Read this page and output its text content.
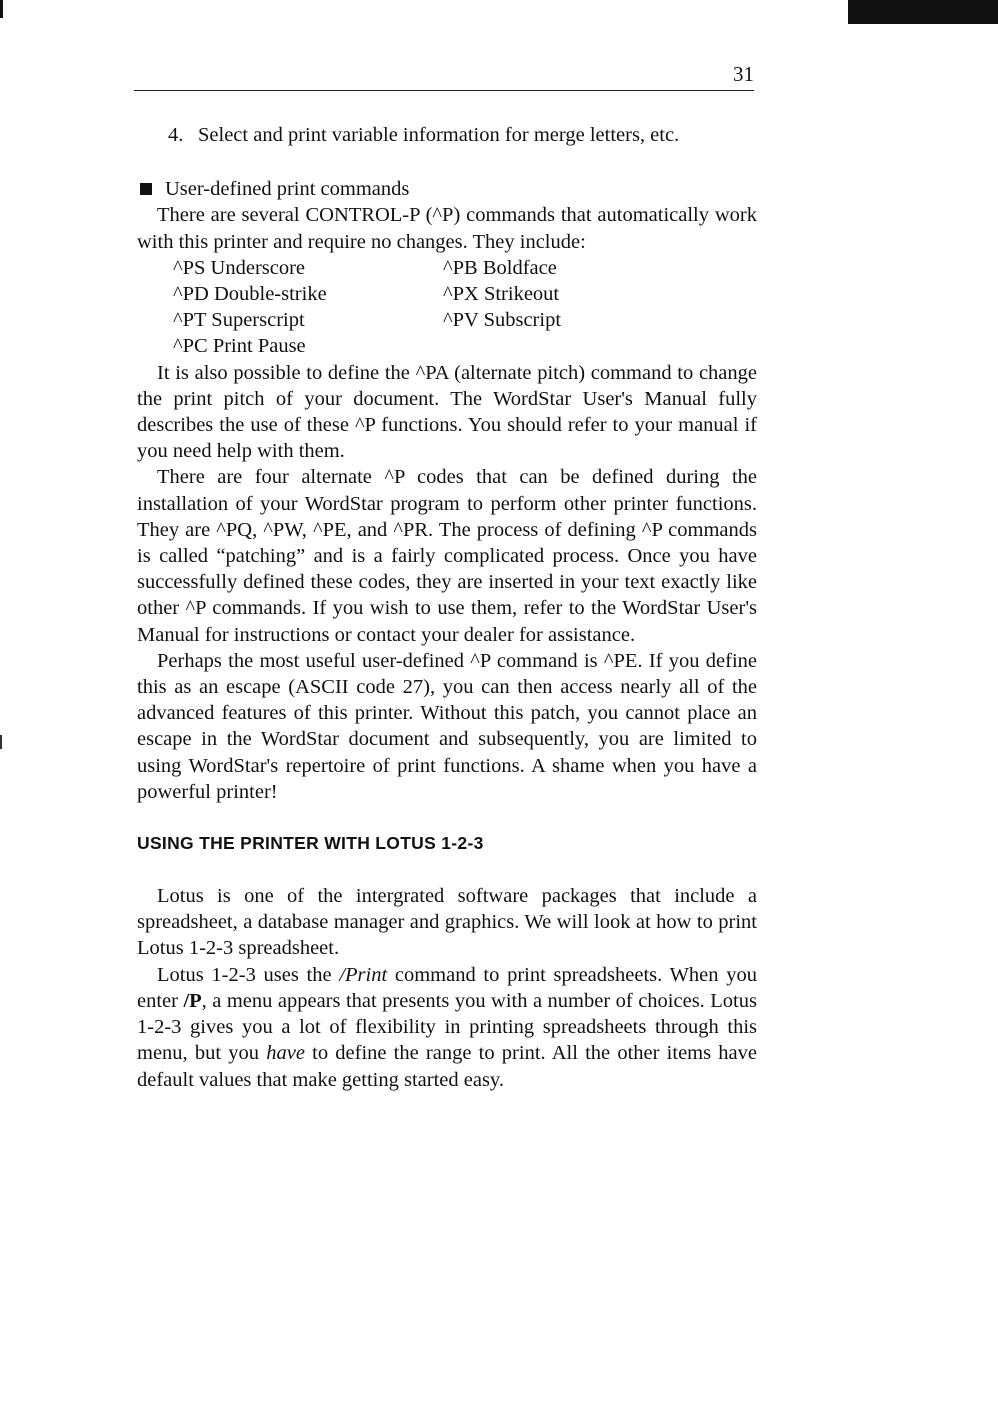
31
4. Select and print variable information for merge letters, etc.
User-defined print commands

There are several CONTROL-P (^P) commands that automatically work with this printer and require no changes. They include:

^PS Underscore	^PB Boldface
^PD Double-strike	^PX Strikeout
^PT Superscript	^PV Subscript
^PC Print Pause

It is also possible to define the ^PA (alternate pitch) command to change the print pitch of your document. The WordStar User's Manual fully describes the use of these ^P functions. You should refer to your manual if you need help with them.

There are four alternate ^P codes that can be defined during the installation of your WordStar program to perform other printer functions. They are ^PQ, ^PW, ^PE, and ^PR. The process of defining ^P commands is called “patching” and is a fairly complicated process. Once you have successfully defined these codes, they are inserted in your text exactly like other ^P commands. If you wish to use them, refer to the WordStar User's Manual for instructions or contact your dealer for assistance.

Perhaps the most useful user-defined ^P command is ^PE. If you define this as an escape (ASCII code 27), you can then access nearly all of the advanced features of this printer. Without this patch, you cannot place an escape in the WordStar document and subsequently, you are limited to using WordStar's repertoire of print functions. A shame when you have a powerful printer!

USING THE PRINTER WITH LOTUS 1-2-3

Lotus is one of the intergrated software packages that include a spreadsheet, a database manager and graphics. We will look at how to print Lotus 1-2-3 spreadsheet.

Lotus 1-2-3 uses the /Print command to print spreadsheets. When you enter /P, a menu appears that presents you with a number of choices. Lotus 1-2-3 gives you a lot of flexibility in printing spreadsheets through this menu, but you have to define the range to print. All the other items have default values that make getting started easy.
